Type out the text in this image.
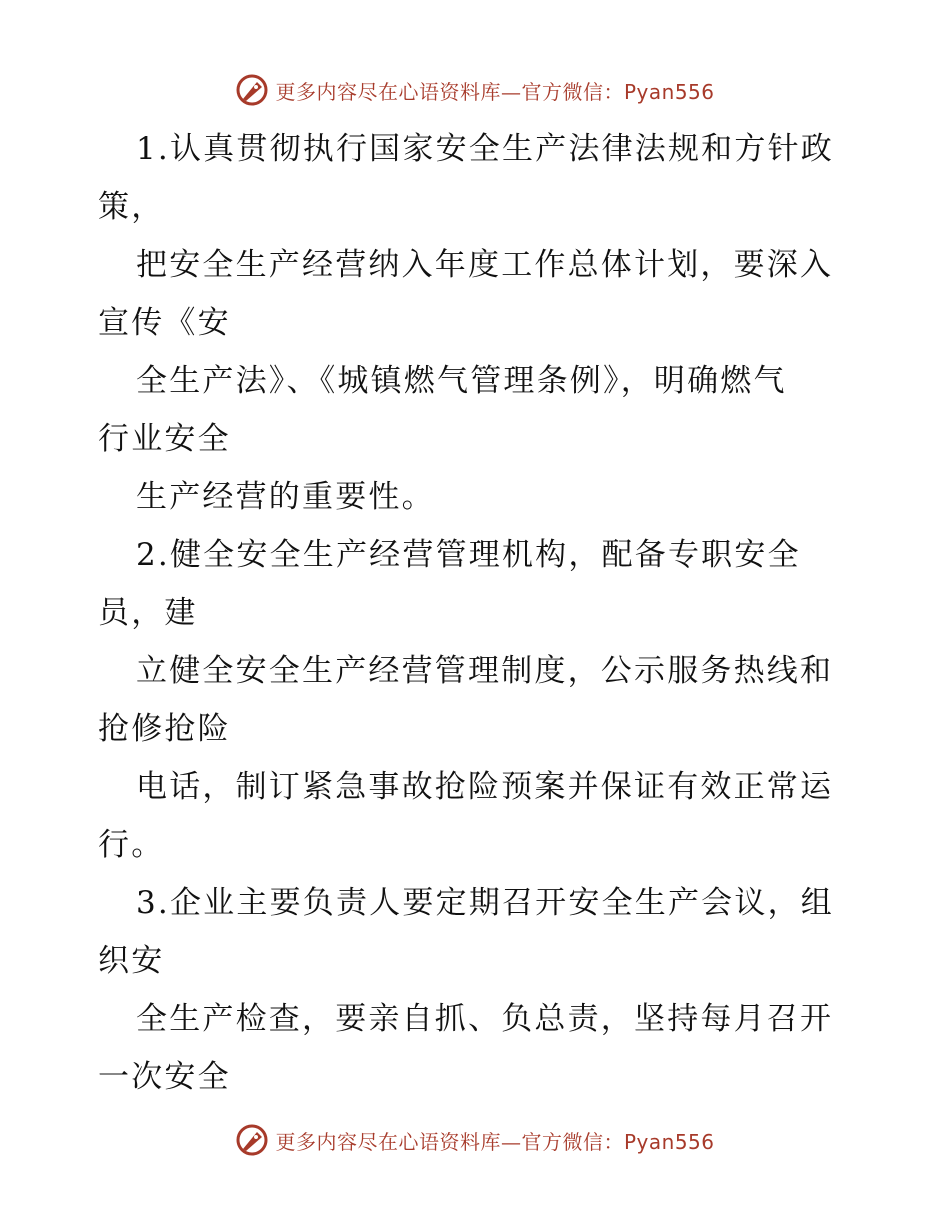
更多内容尽在心语资料库—官方微信：Pyan556
1.认真贯彻执行国家安全生产法律法规和方针政
策，
把安全生产经营纳入年度工作总体计划，要深入
宣传《安
全生产法》、《城镇燃气管理条例》，明确燃气
行业安全
生产经营的重要性。
2.健全安全生产经营管理机构，配备专职安全
员，建
立健全安全生产经营管理制度，公示服务热线和
抢修抢险
电话，制订紧急事故抢险预案并保证有效正常运
行。
3.企业主要负责人要定期召开安全生产会议，组
织安
全生产检查，要亲自抓、负总责，坚持每月召开
一次安全
更多内容尽在心语资料库—官方微信：Pyan556
